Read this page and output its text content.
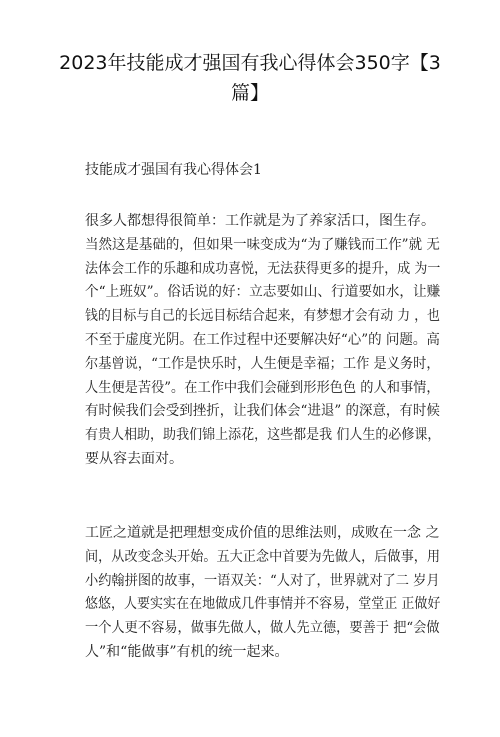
2023年技能成才强国有我心得体会350字【3
篇】

技能成才强国有我心得体会1

很多人都想得很简单：工作就是为了养家活口，图生存。
当然这是基础的，但如果一味变成为“为了赚钱而工作”就 无
法体会工作的乐趣和成功喜悦，无法获得更多的提升，成 为一
个“上班奴”。俗话说的好：立志要如山、行道要如水，让赚
钱的目标与自己的长远目标结合起来，有梦想才会有动 力 ，也
不至于虚度光阴。在工作过程中还要解决好“心”的 问题。高
尔基曾说，“工作是快乐时，人生便是幸福；工作 是义务时，
人生便是苦役”。在工作中我们会碰到形形色色 的人和事情，
有时候我们会受到挫折，让我们体会“进退” 的深意，有时候
有贵人相助，助我们锦上添花，这些都是我 们人生的必修课，
要从容去面对。
工匠之道就是把理想变成价值的思维法则，成败在一念 之
间，从改变念头开始。五大正念中首要为先做人，后做事，用
小约翰拼图的故事，一语双关：“人对了，世界就对了二 岁月
悠悠，人要实实在在地做成几件事情并不容易，堂堂正 正做好
一个人更不容易，做事先做人，做人先立德，要善于 把“会做
人”和“能做事”有机的统一起来。
